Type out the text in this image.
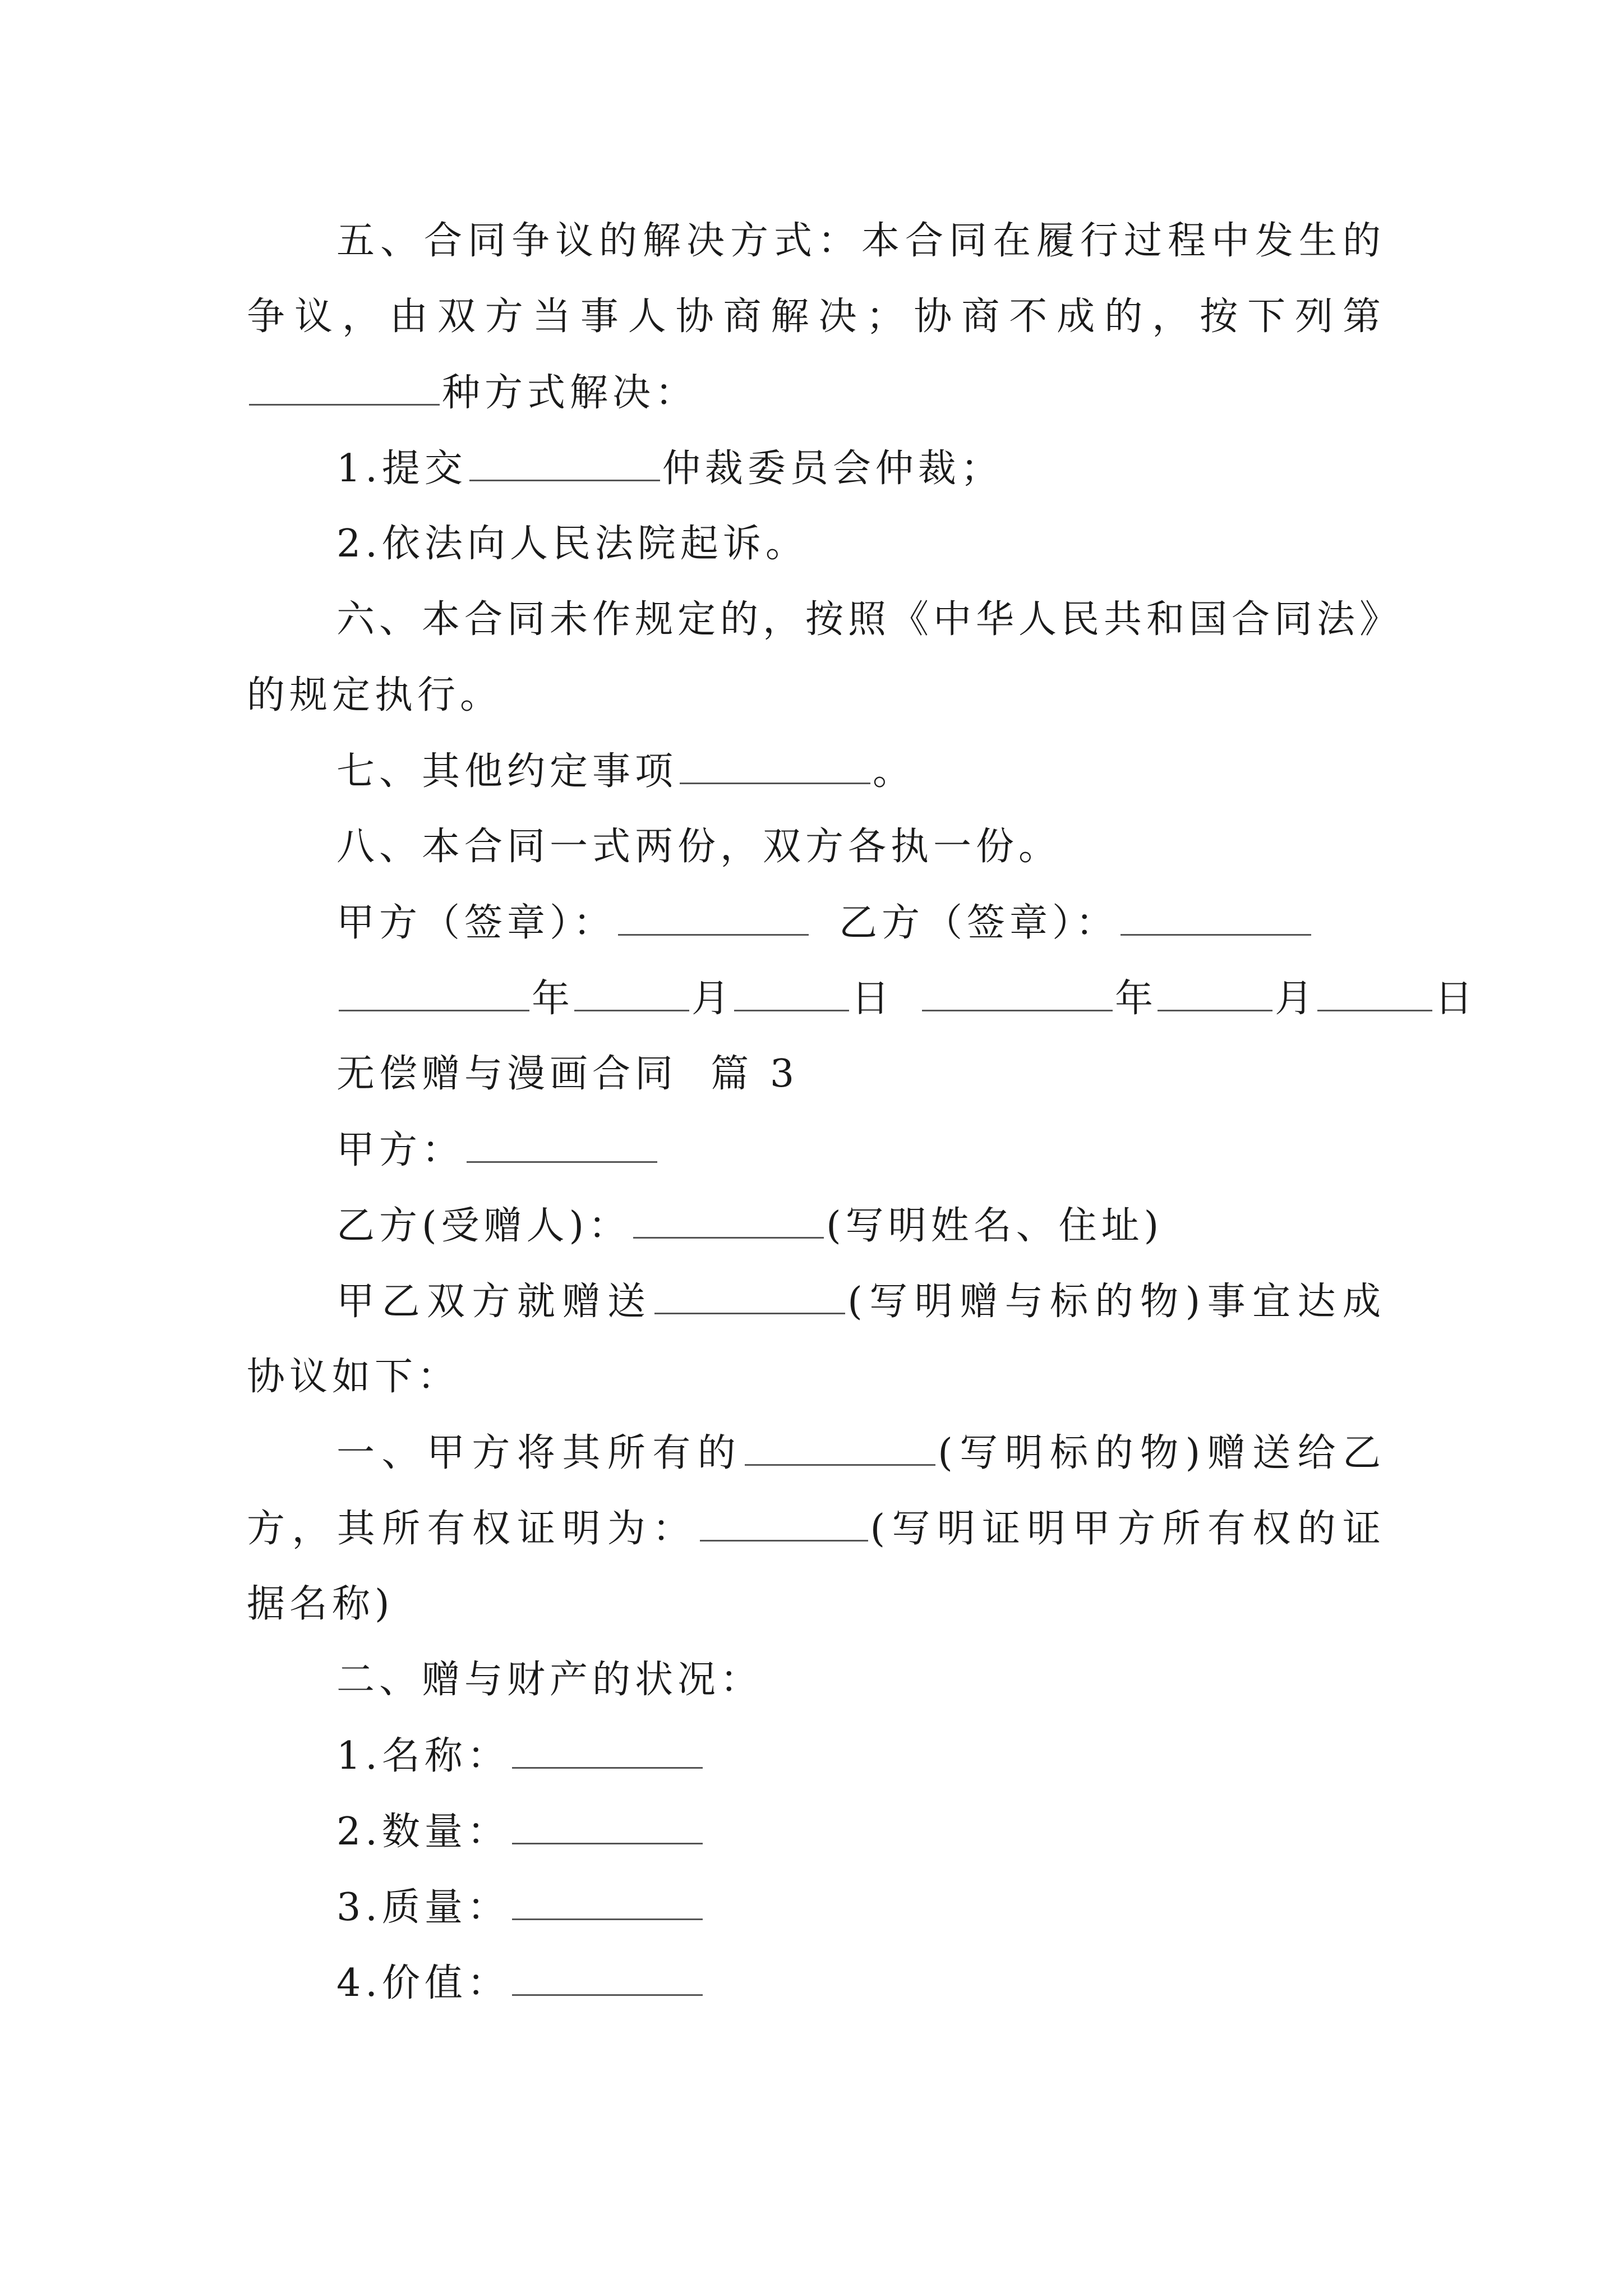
五、合同争议的解决方式：本合同在履行过程中发生的
争议，由双方当事人协商解决；协商不成的，按下列第
种方式解决：
1.提交	仲裁委员会仲裁；
2.依法向人民法院起诉。
六、本合同未作规定的，按照《中华人民共和国合同法》
的规定执行。
七、其他约定事项	。
八、本合同一式两份，双方各执一份。
甲方（签章）：	乙方（签章）：
年	月	日	年	月	日
无偿赠与漫画合同  篇 3
甲方：
乙方(受赠人)：	(写明姓名、住址)
甲乙双方就赠送	(写明赠与标的物)事宜达成
协议如下：
一、甲方将其所有的	(写明标的物)赠送给乙
方，其所有权证明为：	(写明证明甲方所有权的证
据名称)
二、赠与财产的状况：
1.名称：
2.数量：
3.质量：
4.价值：
